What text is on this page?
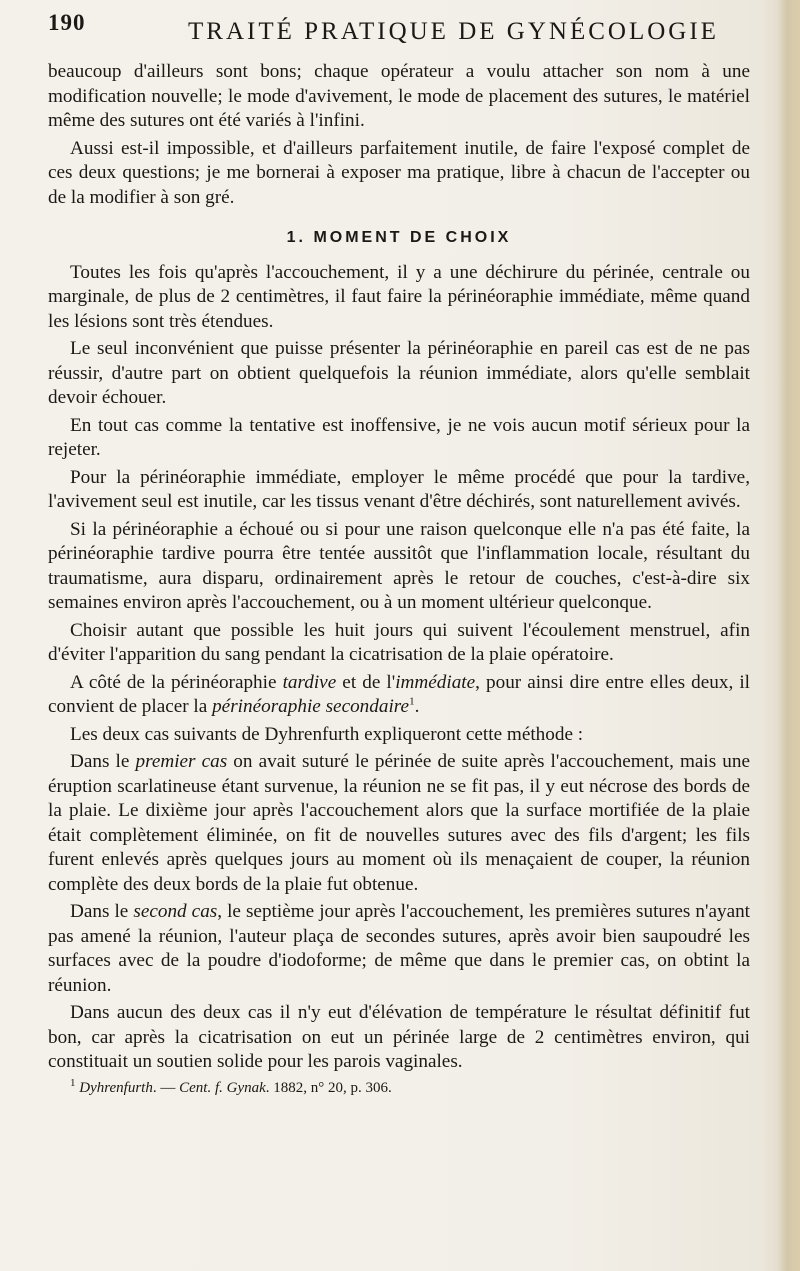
190	TRAITÉ PRATIQUE DE GYNÉCOLOGIE

beaucoup d'ailleurs sont bons; chaque opérateur a voulu attacher son nom à une modification nouvelle; le mode d'avivement, le mode de placement des sutures, le matériel même des sutures ont été variés à l'infini.

Aussi est-il impossible, et d'ailleurs parfaitement inutile, de faire l'exposé complet de ces deux questions; je me bornerai à exposer ma pratique, libre à chacun de l'accepter ou de la modifier à son gré.

1. MOMENT DE CHOIX

Toutes les fois qu'après l'accouchement, il y a une déchirure du périnée, centrale ou marginale, de plus de 2 centimètres, il faut faire la périnéoraphie immédiate, même quand les lésions sont très étendues.

Le seul inconvénient que puisse présenter la périnéoraphie en pareil cas est de ne pas réussir, d'autre part on obtient quelquefois la réunion immédiate, alors qu'elle semblait devoir échouer.

En tout cas comme la tentative est inoffensive, je ne vois aucun motif sérieux pour la rejeter.

Pour la périnéoraphie immédiate, employer le même procédé que pour la tardive, l'avivement seul est inutile, car les tissus venant d'être déchirés, sont naturellement avivés.

Si la périnéoraphie a échoué ou si pour une raison quelconque elle n'a pas été faite, la périnéoraphie tardive pourra être tentée aussitôt que l'inflammation locale, résultant du traumatisme, aura disparu, ordinairement après le retour de couches, c'est-à-dire six semaines environ après l'accouchement, ou à un moment ultérieur quelconque.

Choisir autant que possible les huit jours qui suivent l'écoulement menstruel, afin d'éviter l'apparition du sang pendant la cicatrisation de la plaie opératoire.

A côté de la périnéoraphie tardive et de l'immédiate, pour ainsi dire entre elles deux, il convient de placer la périnéoraphie secondaire$^1$.

Les deux cas suivants de Dyhrenfurth expliqueront cette méthode :

Dans le premier cas on avait suturé le périnée de suite après l'accouchement, mais une éruption scarlatineuse étant survenue, la réunion ne se fit pas, il y eut nécrose des bords de la plaie. Le dixième jour après l'accouchement alors que la surface mortifiée de la plaie était complètement éliminée, on fit de nouvelles sutures avec des fils d'argent; les fils furent enlevés après quelques jours au moment où ils menaçaient de couper, la réunion complète des deux bords de la plaie fut obtenue.

Dans le second cas, le septième jour après l'accouchement, les premières sutures n'ayant pas amené la réunion, l'auteur plaça de secondes sutures, après avoir bien saupoudré les surfaces avec de la poudre d'iodoforme; de même que dans le premier cas, on obtint la réunion.

Dans aucun des deux cas il n'y eut d'élévation de température le résultat définitif fut bon, car après la cicatrisation on eut un périnée large de 2 centimètres environ, qui constituait un soutien solide pour les parois vaginales.

$^1$ Dyhrenfurth. — Cent. f. Gynak. 1882, n° 20, p. 306.
